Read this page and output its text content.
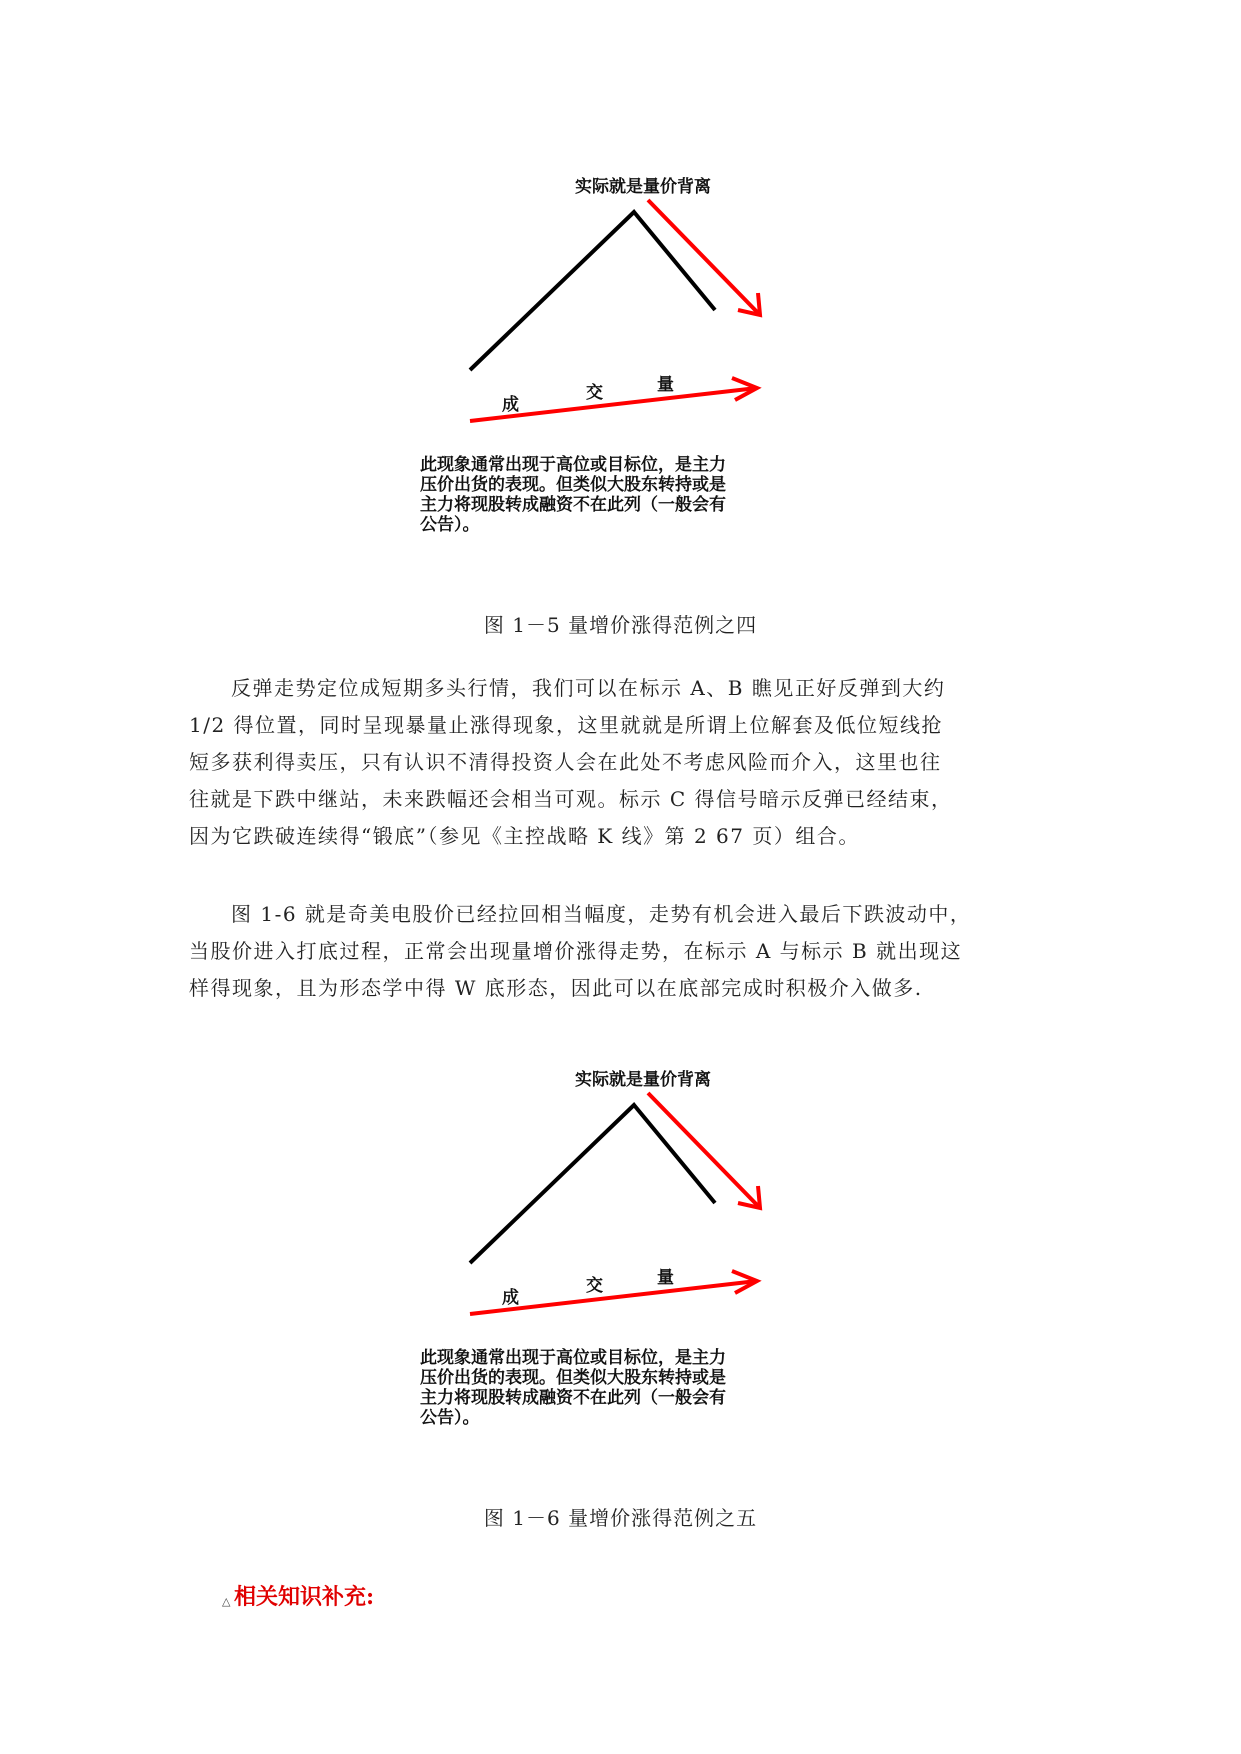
实际就是量价背离
成
交	量
此现象通常出现于高位或目标位，是主力
压价出货的表现。但类似大股东转持或是
主力将现股转成融资不在此列（一般会有
公告）。
图 1－5 量增价涨得范例之四
反弹走势定位成短期多头行情，我们可以在标示 A、B 瞧见正好反弹到大约
1/2 得位置，同时呈现暴量止涨得现象，这里就就是所谓上位解套及低位短线抢
短多获利得卖压，只有认识不清得投资人会在此处不考虑风险而介入，这里也往
往就是下跌中继站，未来跌幅还会相当可观。标示 C 得信号暗示反弹已经结束，
因为它跌破连续得“锻底”（参见《主控战略 K 线》第 2 67 页）组合。
图 1-6 就是奇美电股价已经拉回相当幅度，走势有机会进入最后下跌波动中，
当股价进入打底过程，正常会出现量增价涨得走势，在标示 A 与标示 B 就出现这
样得现象，且为形态学中得 W 底形态，因此可以在底部完成时积极介入做多.
实际就是量价背离
成
交	量
此现象通常出现于高位或目标位，是主力
压价出货的表现。但类似大股东转持或是
主力将现股转成融资不在此列（一般会有
公告）。
图 1－6 量增价涨得范例之五
△ 相关知识补充:
